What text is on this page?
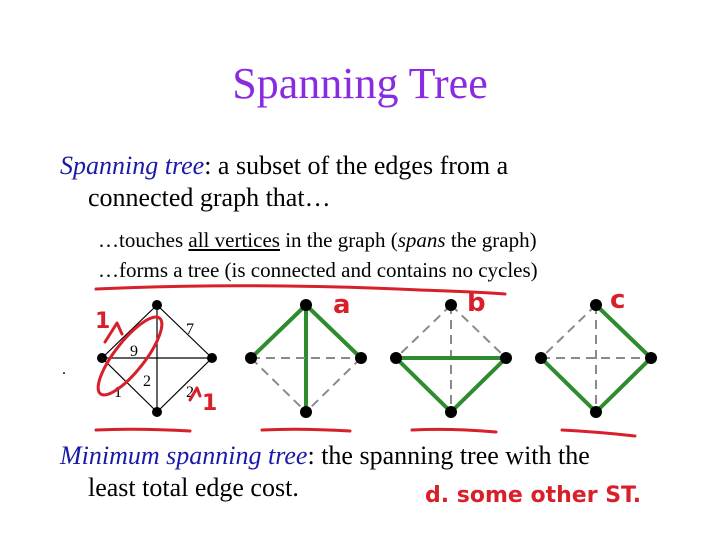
Spanning Tree
Spanning tree: a subset of the edges from a
connected graph that…
…touches all vertices in the graph (spans the graph)
…forms a tree (is connected and contains no cycles)
7
9
2
1	2
.
1
1
a	b	c
d. some other ST.
Minimum spanning tree: the spanning tree with the
least total edge cost.
